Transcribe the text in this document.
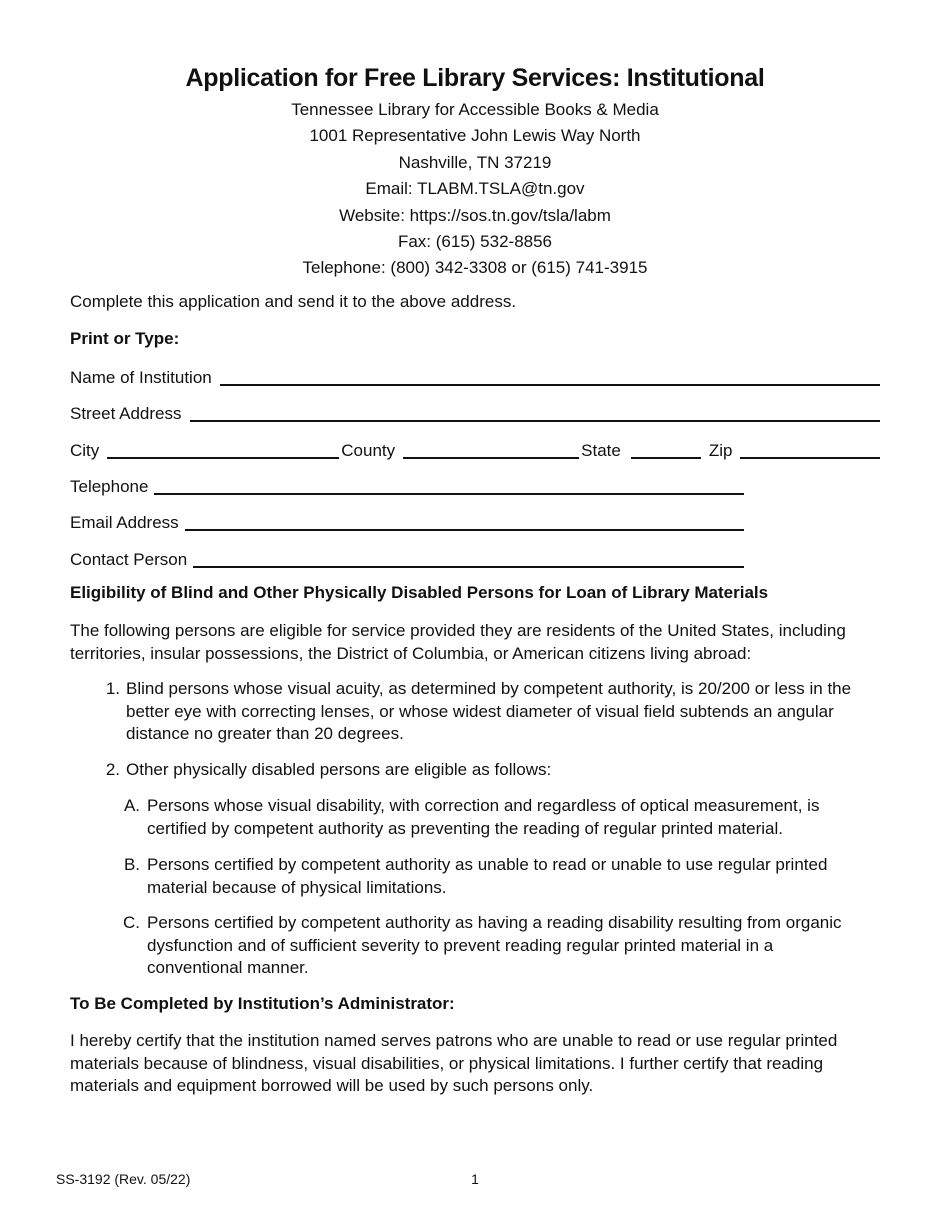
Application for Free Library Services: Institutional
Tennessee Library for Accessible Books & Media
1001 Representative John Lewis Way North
Nashville, TN 37219
Email: TLABM.TSLA@tn.gov
Website: https://sos.tn.gov/tsla/labm
Fax: (615) 532-8856
Telephone: (800) 342-3308 or (615) 741-3915
Complete this application and send it to the above address.
Print or Type:
Name of Institution
Street Address
City	County	State	Zip
Telephone
Email Address
Contact Person
Eligibility of Blind and Other Physically Disabled Persons for Loan of Library Materials
The following persons are eligible for service provided they are residents of the United States, including territories, insular possessions, the District of Columbia, or American citizens living abroad:
1. Blind persons whose visual acuity, as determined by competent authority, is 20/200 or less in the better eye with correcting lenses, or whose widest diameter of visual field subtends an angular distance no greater than 20 degrees.
2. Other physically disabled persons are eligible as follows:
A. Persons whose visual disability, with correction and regardless of optical measurement, is certified by competent authority as preventing the reading of regular printed material.
B. Persons certified by competent authority as unable to read or unable to use regular printed material because of physical limitations.
C. Persons certified by competent authority as having a reading disability resulting from organic dysfunction and of sufficient severity to prevent reading regular printed material in a conventional manner.
To Be Completed by Institution’s Administrator:
I hereby certify that the institution named serves patrons who are unable to read or use regular printed materials because of blindness, visual disabilities, or physical limitations. I further certify that reading materials and equipment borrowed will be used by such persons only.
SS-3192 (Rev. 05/22)	1
